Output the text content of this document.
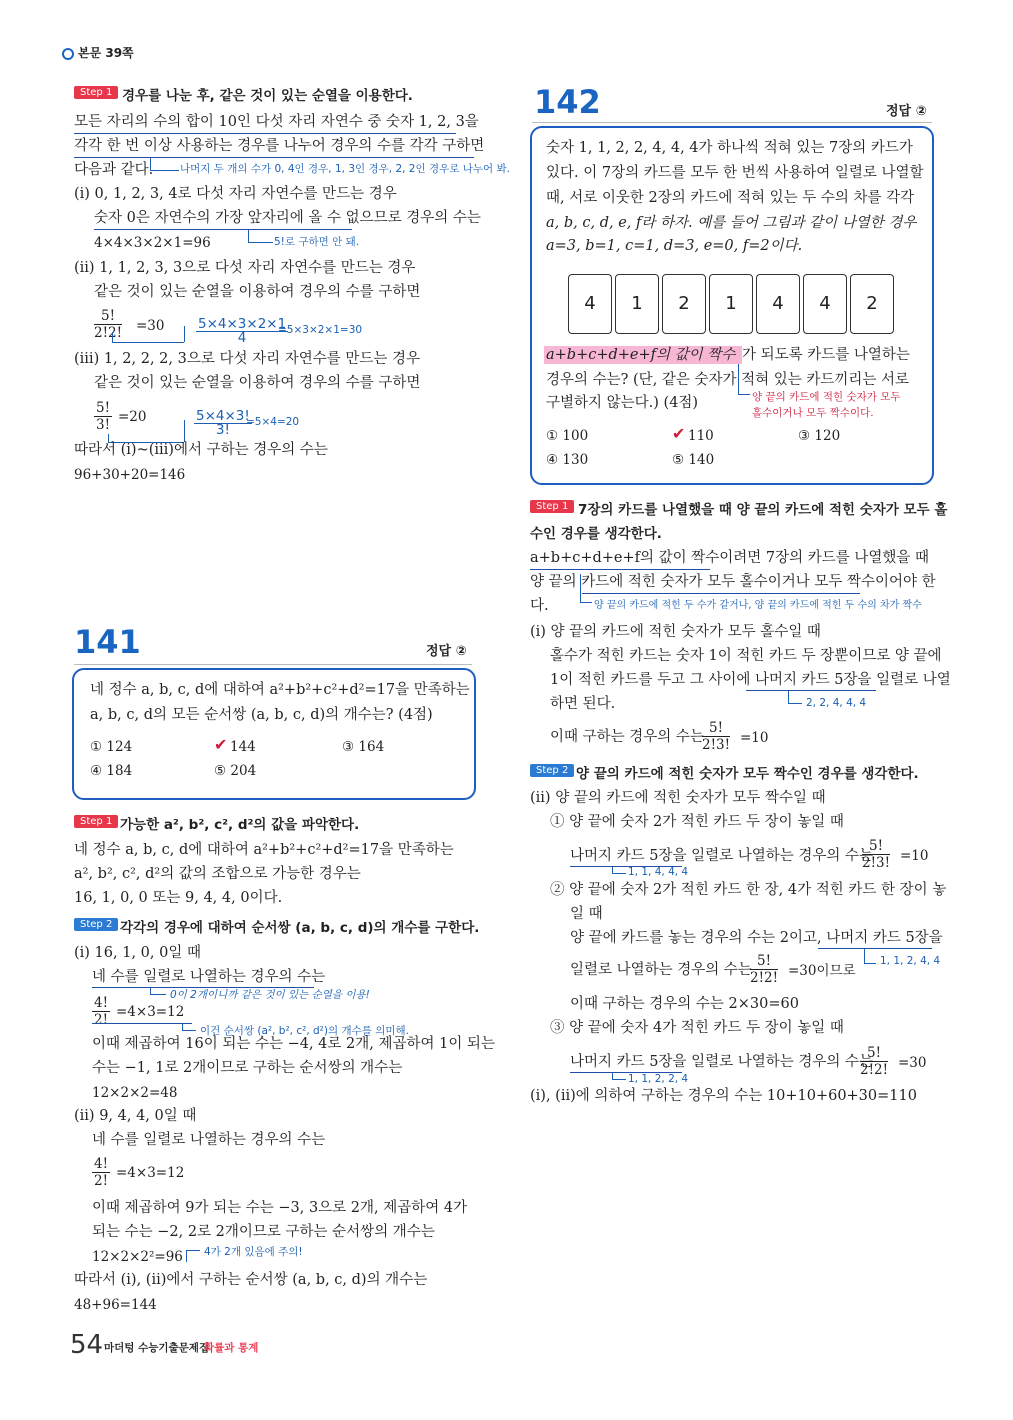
본문 39쪽
Step 1 경우를 나눈 후, 같은 것이 있는 순열을 이용한다.
모든 자리의 수의 합이 10인 다섯 자리 자연수 중 숫자 1, 2, 3을
각각 한 번 이상 사용하는 경우를 나누어 경우의 수를 각각 구하면
다음과 같다.	나머지 두 개의 수가 0, 4인 경우, 1, 3인 경우, 2, 2인 경우로 나누어 봐.
(ⅰ) 0, 1, 2, 3, 4로 다섯 자리 자연수를 만드는 경우
숫자 0은 자연수의 가장 앞자리에 올 수 없으므로 경우의 수는
4×4×3×2×1=96	5!로 구하면 안 돼.
(ⅱ) 1, 1, 2, 3, 3으로 다섯 자리 자연수를 만드는 경우
같은 것이 있는 순열을 이용하여 경우의 수를 구하면
$\frac{5!}{2!2!} =30 \frac{5\times 4\times 3\times 2\times 1}{4}$
=5×3×2×1=30
(ⅲ) 1, 2, 2, 2, 3으로 다섯 자리 자연수를 만드는 경우
같은 것이 있는 순열을 이용하여 경우의 수를 구하면
$\frac{5!}{3!} =20$	$\frac{5\times 4\times 3!}{3!}$
=5×4=20
따라서 (ⅰ)~(ⅲ)에서 구하는 경우의 수는
96+30+20=146
141	정답 ②
네 정수 a, b, c, d에 대하여 a²+b²+c²+d²=17을 만족하는
a, b, c, d의 모든 순서쌍 (a, b, c, d)의 개수는? (4점)
① 124	✔ 144	③ 164
④ 184	⑤ 204
Step 1 가능한 a², b², c², d²의 값을 파악한다.
네 정수 a, b, c, d에 대하여 a²+b²+c²+d²=17을 만족하는
a², b², c², d²의 값의 조합으로 가능한 경우는
16, 1, 0, 0 또는 9, 4, 4, 0이다.
Step 2 각각의 경우에 대하여 순서쌍 (a, b, c, d)의 개수를 구한다.
(ⅰ) 16, 1, 0, 0일 때
네 수를 일렬로 나열하는 경우의 수는
0이 2개이니까 같은 것이 있는 순열을 이용!
$\frac{4!}{2!} =4\times 3=12$
이건 순서쌍 (a², b², c², d²)의 개수를 의미해.
이때 제곱하여 16이 되는 수는 −4, 4로 2개, 제곱하여 1이 되는
수는 −1, 1로 2개이므로 구하는 순서쌍의 개수는
12×2×2=48
(ⅱ) 9, 4, 4, 0일 때
네 수를 일렬로 나열하는 경우의 수는
$\frac{4!}{2!} =4\times 3=12$
이때 제곱하여 9가 되는 수는 −3, 3으로 2개, 제곱하여 4가
되는 수는 −2, 2로 2개이므로 구하는 순서쌍의 개수는
12×2×2²=96 4가 2개 있음에 주의!
따라서 (ⅰ), (ⅱ)에서 구하는 순서쌍 (a, b, c, d)의 개수는
48+96=144
142	정답 ②
숫자 1, 1, 2, 2, 4, 4, 4가 하나씩 적혀 있는 7장의 카드가
있다. 이 7장의 카드를 모두 한 번씩 사용하여 일렬로 나열할
때, 서로 이웃한 2장의 카드에 적혀 있는 두 수의 차를 각각
a, b, c, d, e, f라 하자. 예를 들어 그림과 같이 나열한 경우
a=3, b=1, c=1, d=3, e=0, f=2이다.
4	1	2	1	4	4	2
a+b+c+d+e+f의 값이 짝수 가 되도록 카드를 나열하는
경우의 수는? (단, 같은 숫자가 적혀 있는 카드끼리는 서로
구별하지 않는다.) (4점)	양 끝의 카드에 적힌 숫자가 모두
홀수이거나 모두 짝수이다.
① 100	✔ 110	③ 120
④ 130	⑤ 140
Step 1 7장의 카드를 나열했을 때 양 끝의 카드에 적힌 숫자가 모두 홀
수인 경우를 생각한다.
a+b+c+d+e+f의 값이 짝수이려면 7장의 카드를 나열했을 때
양 끝의 카드에 적힌 숫자가 모두 홀수이거나 모두 짝수이어야 한
다.	양 끝의 카드에 적힌 두 수가 같거나, 양 끝의 카드에 적힌 두 수의 차가 짝수
(ⅰ) 양 끝의 카드에 적힌 숫자가 모두 홀수일 때
홀수가 적힌 카드는 숫자 1이 적힌 카드 두 장뿐이므로 양 끝에
1이 적힌 카드를 두고 그 사이에 나머지 카드 5장을 일렬로 나열
2, 2, 4, 4, 4
하면 된다.
이때 구하는 경우의 수는
$\frac{5!}{2!3!} =10$
Step 2 양 끝의 카드에 적힌 숫자가 모두 짝수인 경우를 생각한다.
(ⅱ) 양 끝의 카드에 적힌 숫자가 모두 짝수일 때
① 양 끝에 숫자 2가 적힌 카드 두 장이 놓일 때
나머지 카드 5장을 일렬로 나열하는 경우의 수는
1, 1, 4, 4, 4
$\frac{5!}{2!3!} =10$
② 양 끝에 숫자 2가 적힌 카드 한 장, 4가 적힌 카드 한 장이 놓
일 때
양 끝에 카드를 놓는 경우의 수는 2이고, 나머지 카드 5장을
1, 1, 2, 4, 4
일렬로 나열하는 경우의 수는
$\frac{5!}{2!2!} =30$이므로
이때 구하는 경우의 수는 2×30=60
③ 양 끝에 숫자 4가 적힌 카드 두 장이 놓일 때
나머지 카드 5장을 일렬로 나열하는 경우의 수는
1, 1, 2, 2, 4
$\frac{5!}{2!2!} =30$
(ⅰ), (ⅱ)에 의하여 구하는 경우의 수는 10+10+60+30=110
54 마더텅 수능기출문제집
확률과 통계
